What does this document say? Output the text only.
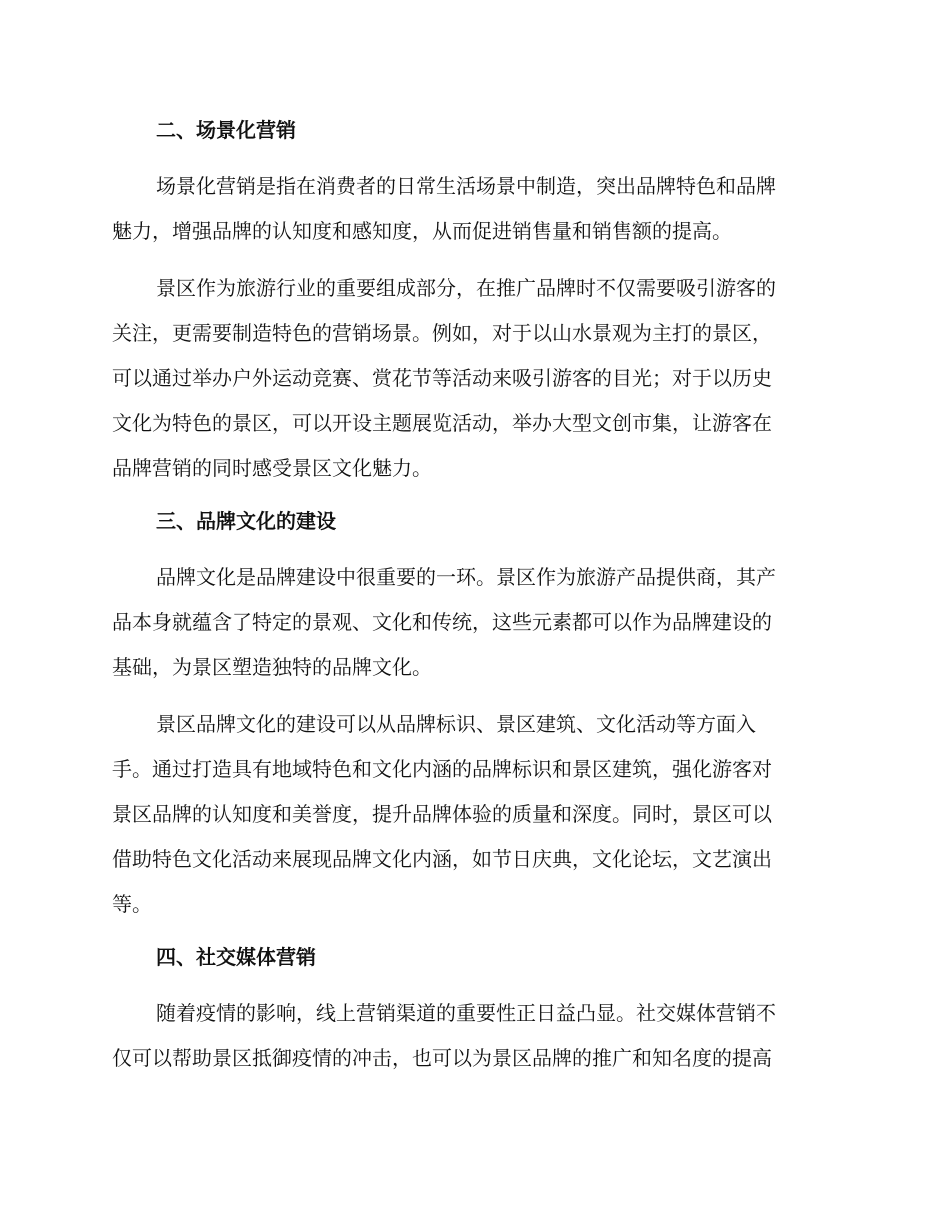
二、场景化营销
场景化营销是指在消费者的日常生活场景中制造，突出品牌特色和品牌
魅力，增强品牌的认知度和感知度，从而促进销售量和销售额的提高。
景区作为旅游行业的重要组成部分，在推广品牌时不仅需要吸引游客的
关注，更需要制造特色的营销场景。例如，对于以山水景观为主打的景区，
可以通过举办户外运动竞赛、赏花节等活动来吸引游客的目光；对于以历史
文化为特色的景区，可以开设主题展览活动，举办大型文创市集，让游客在
品牌营销的同时感受景区文化魅力。
三、品牌文化的建设
品牌文化是品牌建设中很重要的一环。景区作为旅游产品提供商，其产
品本身就蕴含了特定的景观、文化和传统，这些元素都可以作为品牌建设的
基础，为景区塑造独特的品牌文化。
景区品牌文化的建设可以从品牌标识、景区建筑、文化活动等方面入
手。通过打造具有地域特色和文化内涵的品牌标识和景区建筑，强化游客对
景区品牌的认知度和美誉度，提升品牌体验的质量和深度。同时，景区可以
借助特色文化活动来展现品牌文化内涵，如节日庆典，文化论坛，文艺演出
等。
四、社交媒体营销
随着疫情的影响，线上营销渠道的重要性正日益凸显。社交媒体营销不
仅可以帮助景区抵御疫情的冲击，也可以为景区品牌的推广和知名度的提高
